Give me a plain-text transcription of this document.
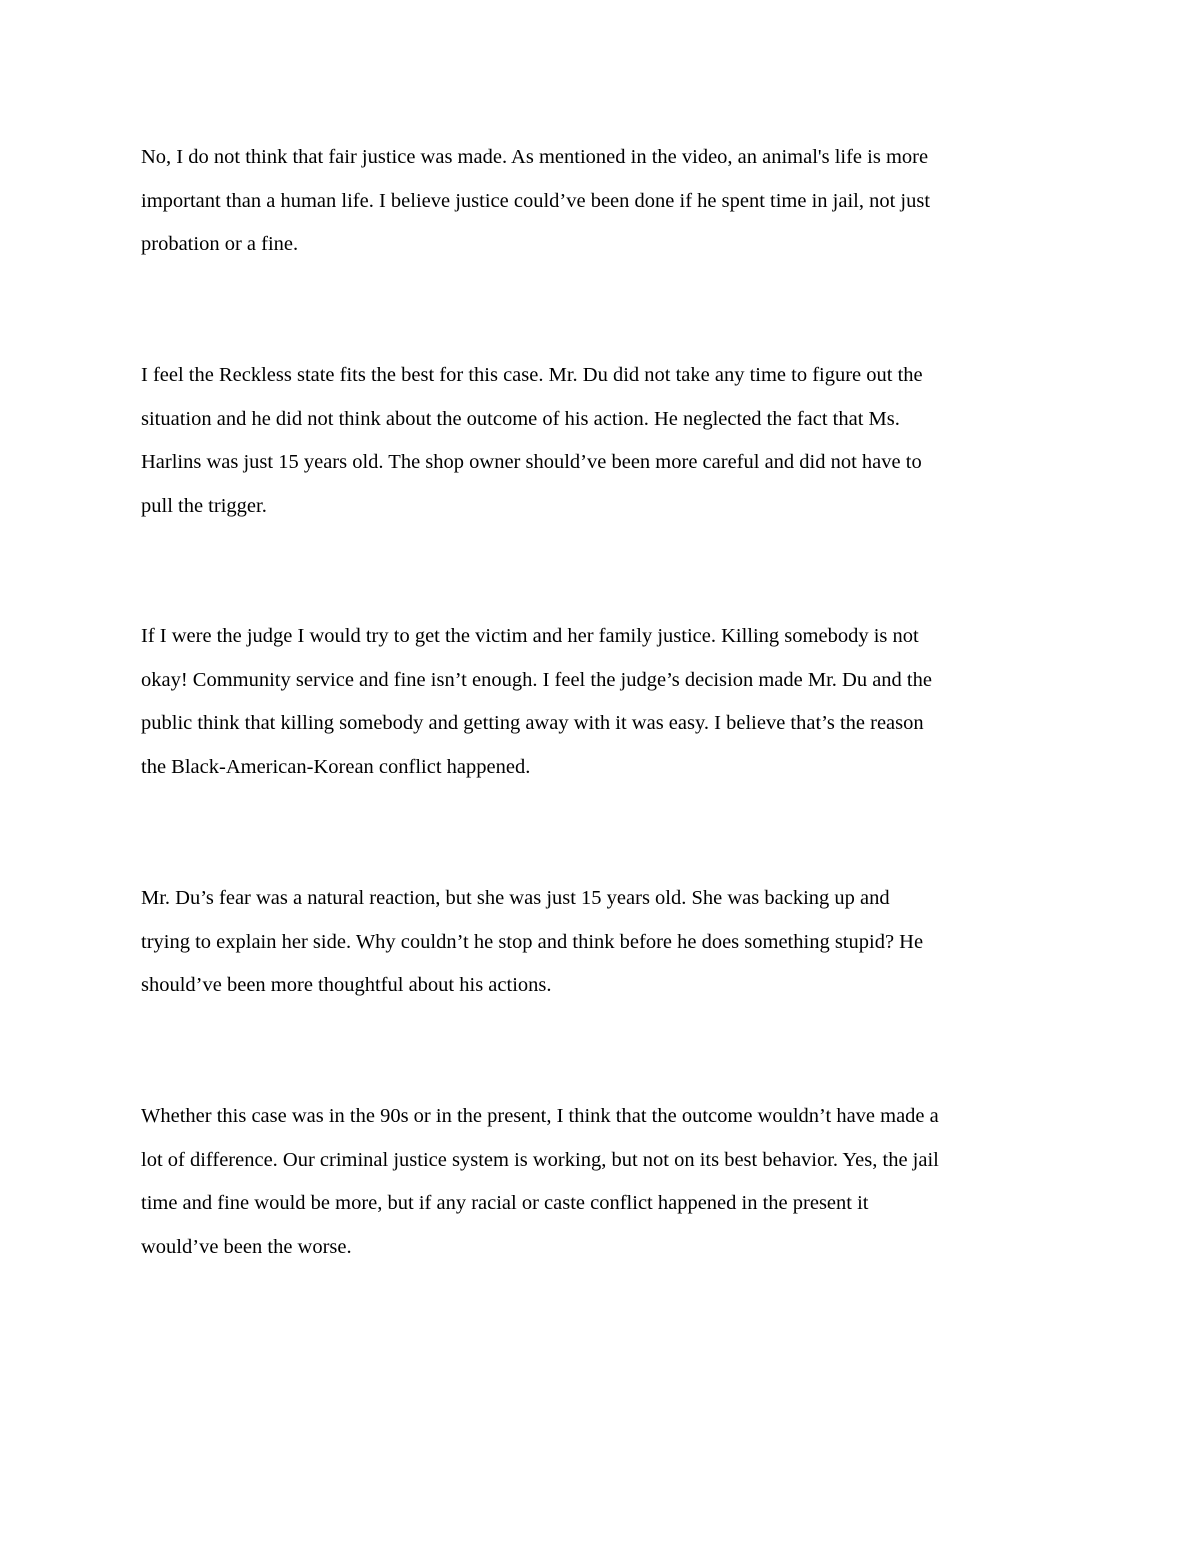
No, I do not think that fair justice was made. As mentioned in the video, an animal's life is more
important than a human life. I believe justice could’ve been done if he spent time in jail, not just
probation or a fine.

I feel the Reckless state fits the best for this case. Mr. Du did not take any time to figure out the
situation and he did not think about the outcome of his action. He neglected the fact that Ms.
Harlins was just 15 years old. The shop owner should’ve been more careful and did not have to
pull the trigger.

If I were the judge I would try to get the victim and her family justice. Killing somebody is not
okay! Community service and fine isn’t enough. I feel the judge’s decision made Mr. Du and the
public think that killing somebody and getting away with it was easy. I believe that’s the reason
the Black-American-Korean conflict happened.

Mr. Du’s fear was a natural reaction, but she was just 15 years old. She was backing up and
trying to explain her side. Why couldn’t he stop and think before he does something stupid? He
should’ve been more thoughtful about his actions.

Whether this case was in the 90s or in the present, I think that the outcome wouldn’t have made a
lot of difference. Our criminal justice system is working, but not on its best behavior. Yes, the jail
time and fine would be more, but if any racial or caste conflict happened in the present it
would’ve been the worse.
